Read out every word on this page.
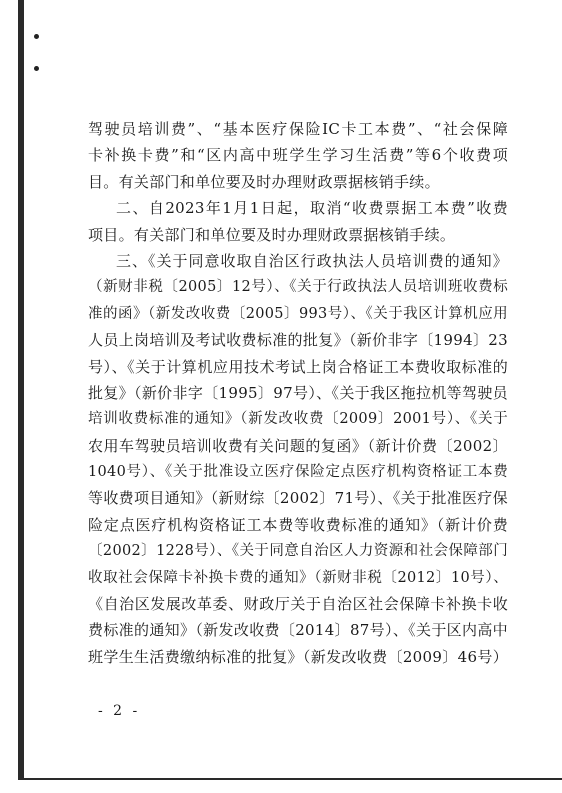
驾驶员培训费”、“基本医疗保险IC卡工本费”、“社会保障
卡补换卡费”和“区内高中班学生学习生活费”等6个收费项
目。有关部门和单位要及时办理财政票据核销手续。
二、自2023年1月1日起，取消“收费票据工本费”收费
项目。有关部门和单位要及时办理财政票据核销手续。
三、《关于同意收取自治区行政执法人员培训费的通知》
（新财非税〔2005〕12号）、《关于行政执法人员培训班收费标
准的函》（新发改收费〔2005〕993号）、《关于我区计算机应用
人员上岗培训及考试收费标准的批复》（新价非字〔1994〕23
号）、《关于计算机应用技术考试上岗合格证工本费收取标准的
批复》（新价非字〔1995〕97号）、《关于我区拖拉机等驾驶员
培训收费标准的通知》（新发改收费〔2009〕2001号）、《关于
农用车驾驶员培训收费有关问题的复函》（新计价费〔2002〕
1040号）、《关于批准设立医疗保险定点医疗机构资格证工本费
等收费项目通知》（新财综〔2002〕71号）、《关于批准医疗保
险定点医疗机构资格证工本费等收费标准的通知》（新计价费
〔2002〕1228号）、《关于同意自治区人力资源和社会保障部门
收取社会保障卡补换卡费的通知》（新财非税〔2012〕10号）、
《自治区发展改革委、财政厅关于自治区社会保障卡补换卡收
费标准的通知》（新发改收费〔2014〕87号）、《关于区内高中
班学生生活费缴纳标准的批复》（新发改收费〔2009〕46号）
- 2 -
